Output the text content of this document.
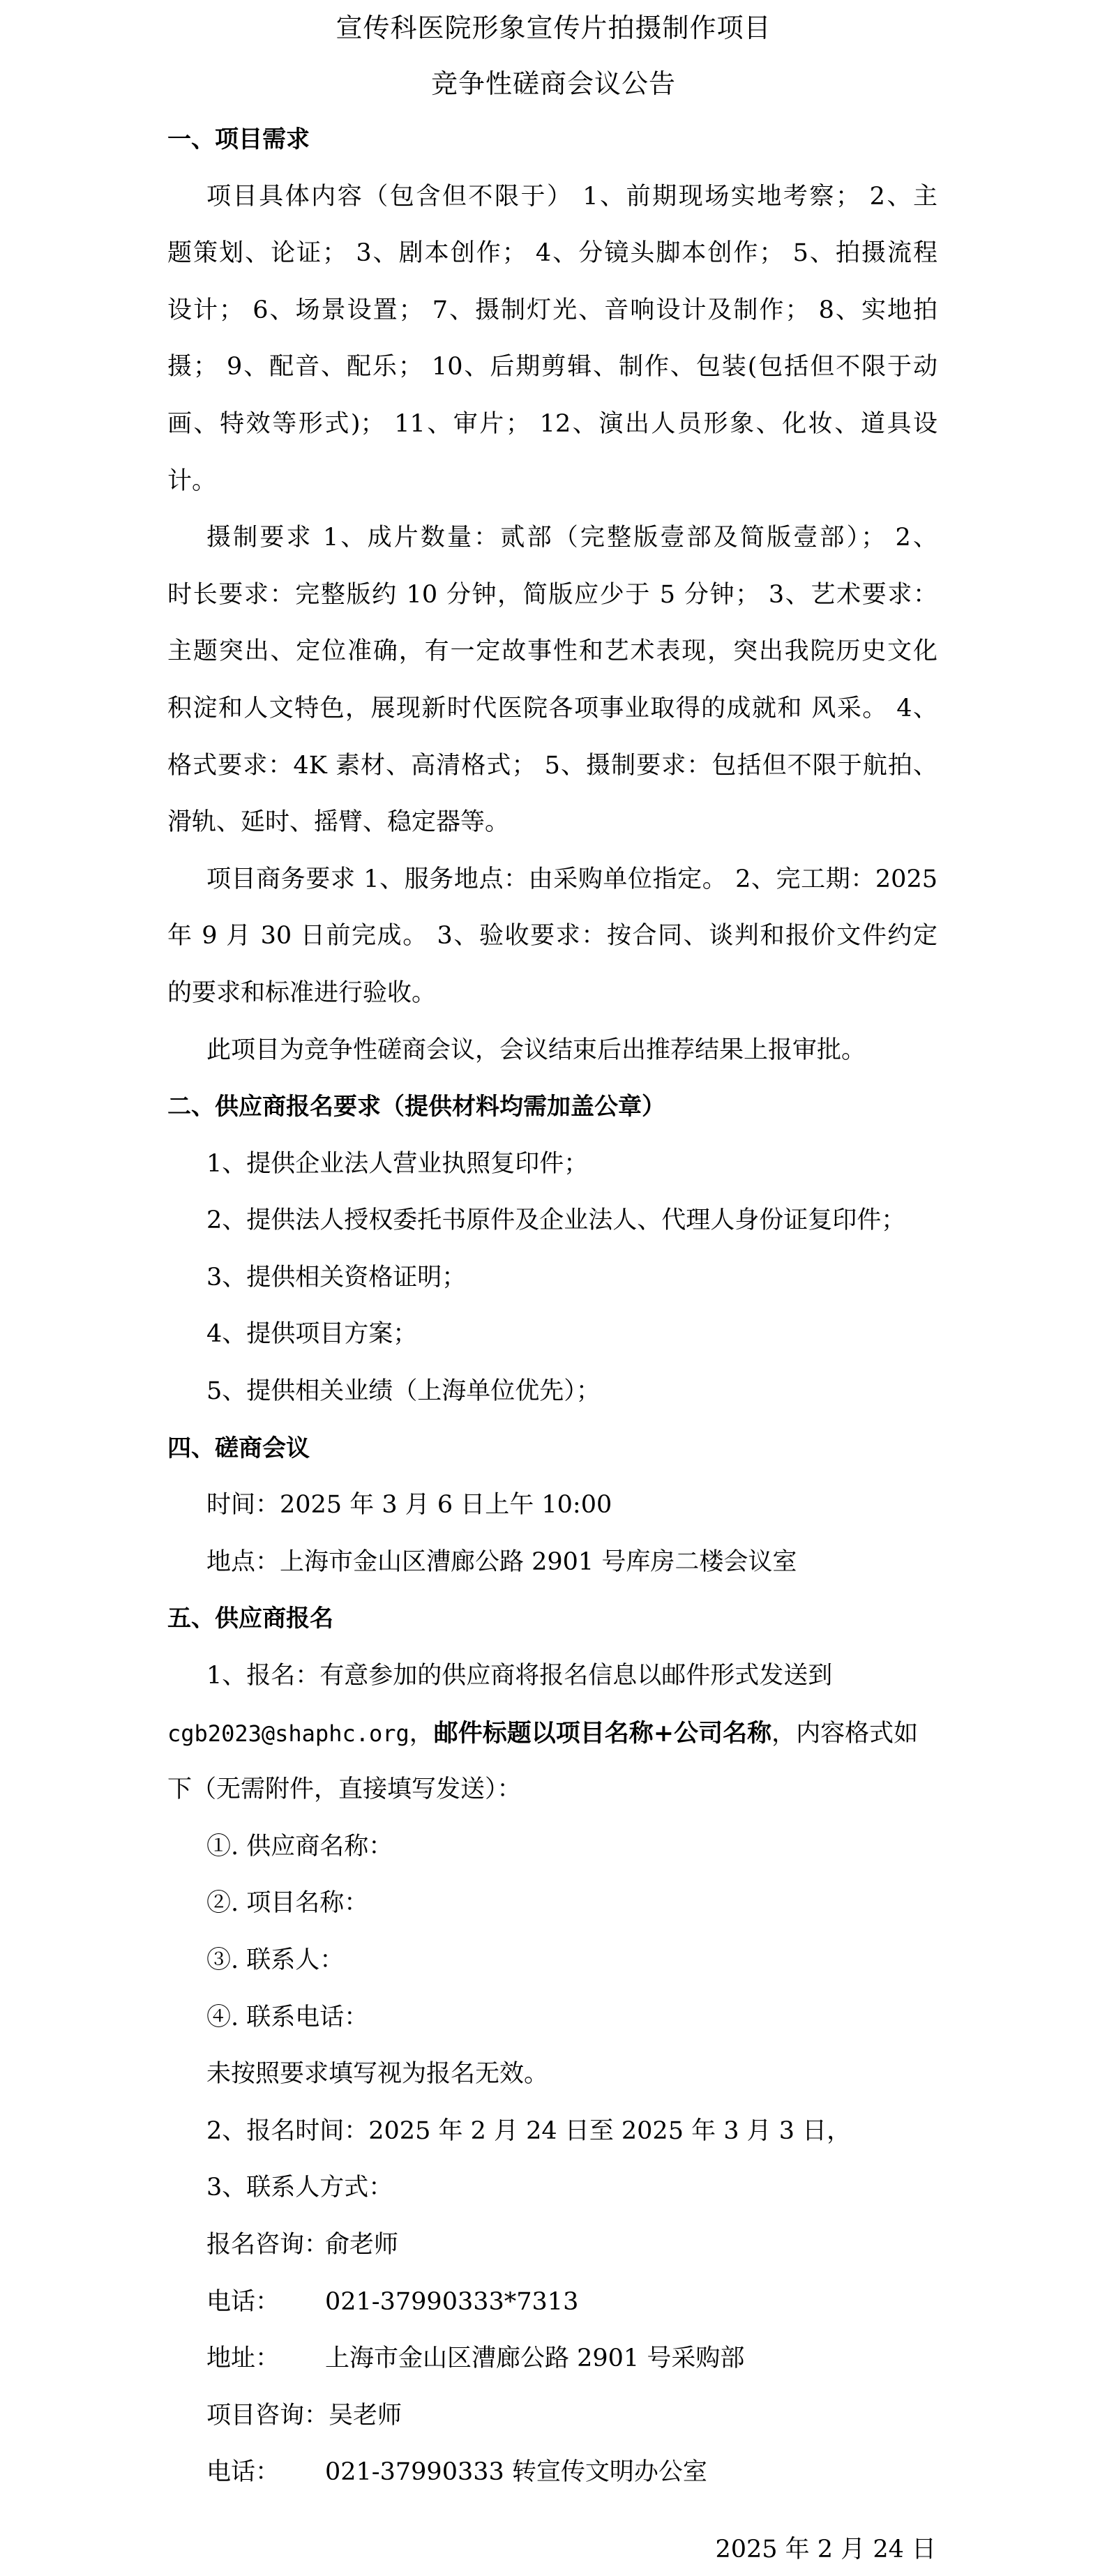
宣传科医院形象宣传片拍摄制作项目
竞争性磋商会议公告
一、项目需求
项目具体内容（包含但不限于） 1、前期现场实地考察； 2、主
题策划、论证； 3、剧本创作； 4、分镜头脚本创作； 5、拍摄流程
设计； 6、场景设置； 7、摄制灯光、音响设计及制作； 8、实地拍
摄； 9、配音、配乐； 10、后期剪辑、制作、包装(包括但不限于动
画、特效等形式)； 11、审片； 12、演出人员形象、化妆、道具设
计。
摄制要求 1、成片数量：贰部（完整版壹部及简版壹部）； 2、
时长要求：完整版约 10 分钟，简版应少于 5 分钟； 3、艺术要求：
主题突出、定位准确，有一定故事性和艺术表现，突出我院历史文化
积淀和人文特色，展现新时代医院各项事业取得的成就和 风采。 4、
格式要求：4K 素材、高清格式； 5、摄制要求：包括但不限于航拍、
滑轨、延时、摇臂、稳定器等。
项目商务要求 1、服务地点：由采购单位指定。 2、完工期：2025
年 9 月 30 日前完成。 3、验收要求：按合同、谈判和报价文件约定
的要求和标准进行验收。
此项目为竞争性磋商会议，会议结束后出推荐结果上报审批。
二、供应商报名要求（提供材料均需加盖公章）
1、提供企业法人营业执照复印件；
2、提供法人授权委托书原件及企业法人、代理人身份证复印件；
3、提供相关资格证明；
4、提供项目方案；
5、提供相关业绩（上海单位优先）；
四、磋商会议
时间：2025 年 3 月 6 日上午 10:00
地点：上海市金山区漕廊公路 2901 号库房二楼会议室
五、供应商报名
1、报名：有意参加的供应商将报名信息以邮件形式发送到
cgb2023@shaphc.org，邮件标题以项目名称+公司名称，内容格式如
下（无需附件，直接填写发送）：
①. 供应商名称：
②. 项目名称：
③. 联系人：
④. 联系电话：
未按照要求填写视为报名无效。
2、报名时间：2025 年 2 月 24 日至 2025 年 3 月 3 日，
3、联系人方式：
报名咨询：俞老师
电话： 021-37990333*7313
地址： 上海市金山区漕廊公路 2901 号采购部
项目咨询：吴老师
电话： 021-37990333 转宣传文明办公室
2025 年 2 月 24 日
